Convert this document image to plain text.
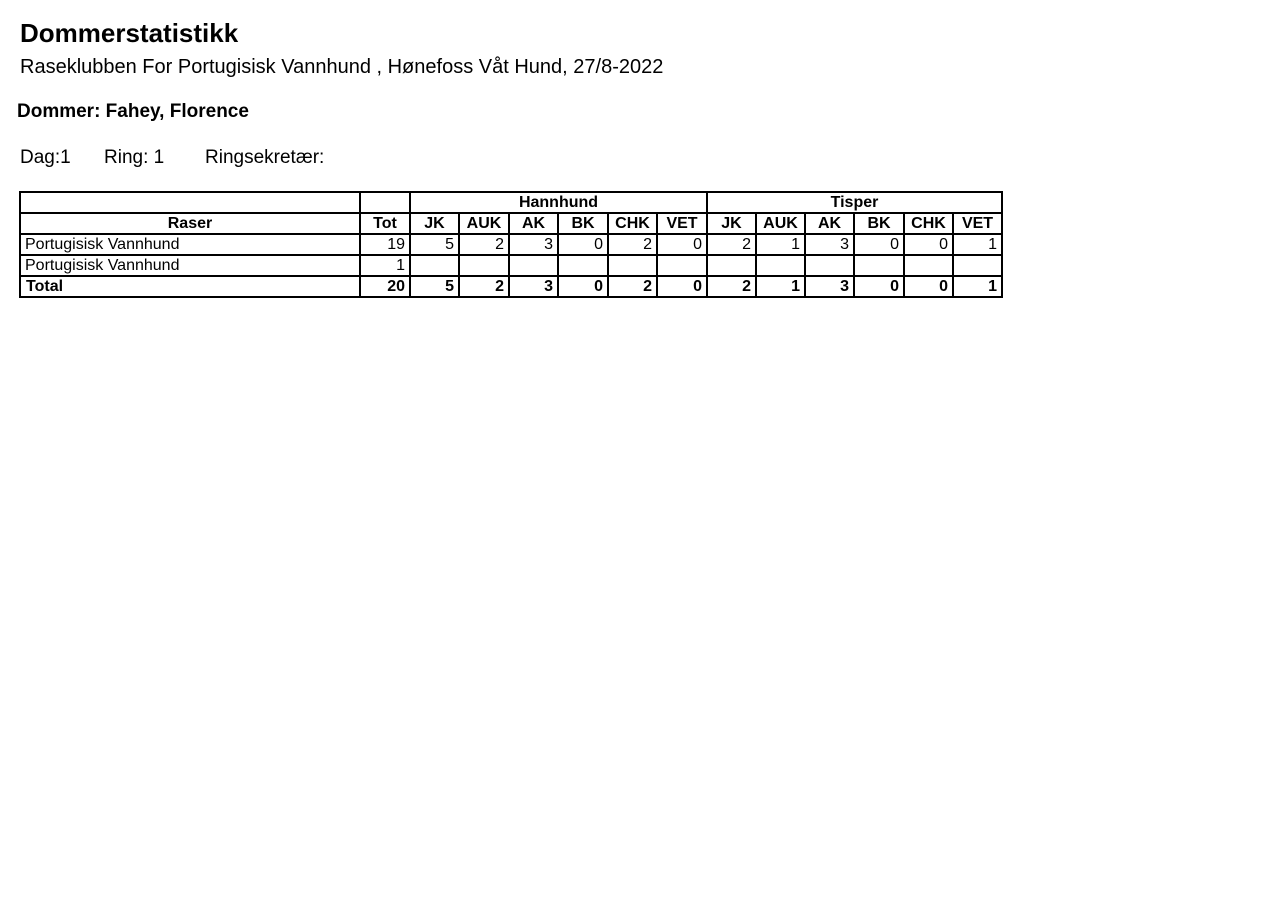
Dommerstatistikk
Raseklubben For Portugisisk Vannhund , Hønefoss Våt Hund, 27/8-2022
Dommer: Fahey, Florence
Dag:1 Ring: 1 Ringsekretær:
		Hannhund						Tisper					
Raser	Tot	JK	AUK	AK	BK	CHK	VET	JK	AUK	AK	BK	CHK	VET
Portugisisk Vannhund	19	5	2	3	0	2	0	2	1	3	0	0	1
Portugisisk Vannhund	1												
Total	20	5	2	3	0	2	0	2	1	3	0	0	1
